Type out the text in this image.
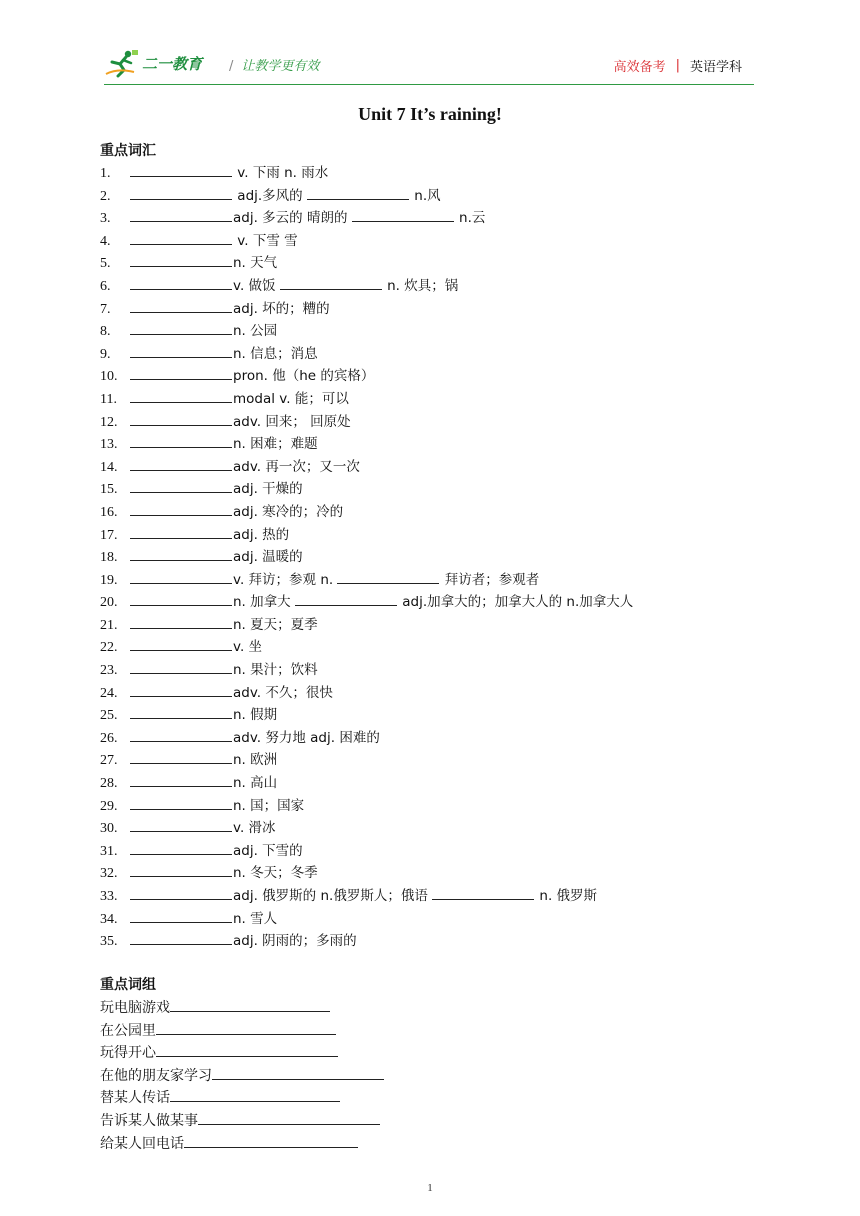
二一教育 / 让教学更有效	高效备考 | 英语学科
Unit 7 It’s raining!
重点词汇
1.	v. 下雨 n. 雨水
2.	adj.多风的	n.风
3.	adj. 多云的 晴朗的	n.云
4.	v. 下雪 雪
5.	n. 天气
6.	v. 做饭	n. 炊具；锅
7.	adj. 坏的；糟的
8.	n. 公园
9.	n. 信息；消息
10.	pron. 他（he 的宾格）
11.	modal v. 能；可以
12.	adv. 回来； 回原处
13.	n. 困难；难题
14.	adv. 再一次；又一次
15.	adj. 干燥的
16.	adj. 寒冷的；冷的
17.	adj. 热的
18.	adj. 温暖的
19.	v. 拜访；参观 n.	拜访者；参观者
20.	n. 加拿大	adj.加拿大的；加拿大人的 n.加拿大人
21.	n. 夏天；夏季
22.	v. 坐
23.	n. 果汁；饮料
24.	adv. 不久；很快
25.	n. 假期
26.	adv. 努力地 adj. 困难的
27.	n. 欧洲
28.	n. 高山
29.	n. 国；国家
30.	v. 滑冰
31.	adj. 下雪的
32.	n. 冬天；冬季
33.	adj. 俄罗斯的 n.俄罗斯人；俄语	n. 俄罗斯
34.	n. 雪人
35.	adj. 阴雨的；多雨的
重点词组
玩电脑游戏
在公园里
玩得开心
在他的朋友家学习
替某人传话
告诉某人做某事
给某人回电话
1
